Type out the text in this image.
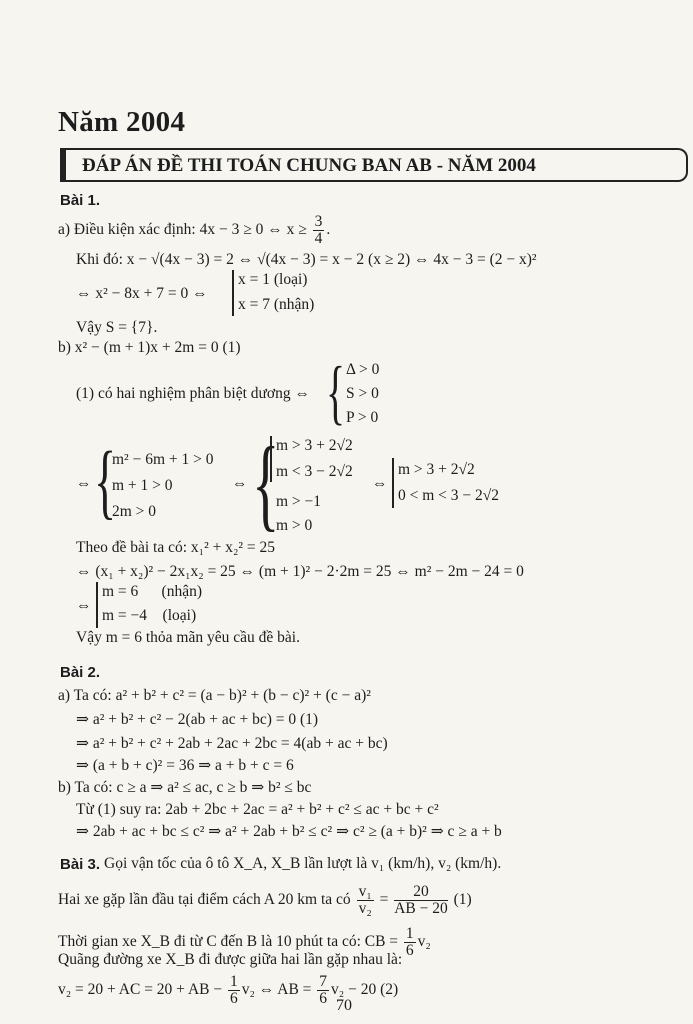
Năm 2004
ĐÁP ÁN ĐỀ THI TOÁN CHUNG BAN AB - NĂM 2004
Bài 1.
a) Điều kiện xác định: 4x − 3 ≥ 0 ⇔ $x \ge \frac{3}{4}$ .
Khi đó: x − √(4x − 3) = 2 ⇔ √(4x − 3) = x − 2 (x ≥ 2) ⇔ 4x − 3 = (2 − x)²
⇔ x² − 8x + 7 = 0 ⇔
x = 1 (loại)
x = 7 (nhận)
Vậy S = {7}.
b) x² − (m + 1)x + 2m = 0 (1)
(1) có hai nghiệm phân biệt dương ⇔ { Δ > 0
S > 0
P > 0
⇔ {
m² − 6m + 1 > 0
m + 1 > 0
2m > 0
⇔ {
m > 3 + 2√2
m < 3 − 2√2
m > −1
m > 0
⇔
m > 3 + 2√2
0 < m < 3 − 2√2
Theo đề bài ta có: x₁² + x₂² = 25
⇔ (x₁ + x₂)² − 2x₁x₂ = 25 ⇔ (m + 1)² − 2·2m = 25 ⇔ m² − 2m − 24 = 0
⇔
m = 6      (nhận)
m = −4    (loại)
Vậy m = 6 thỏa mãn yêu cầu đề bài.
Bài 2.
a) Ta có: a² + b² + c² = (a − b)² + (b − c)² + (c − a)²
⇒ a² + b² + c² − 2(ab + ac + bc) = 0 (1)
⇒ a² + b² + c² + 2ab + 2ac + 2bc = 4(ab + ac + bc)
⇒ (a + b + c)² = 36 ⇒ a + b + c = 6
b) Ta có: c ≥ a ⇒ a² ≤ ac, c ≥ b ⇒ b² ≤ bc
Từ (1) suy ra: 2ab + 2bc + 2ac = a² + b² + c² ≤ ac + bc + c²
⇒ 2ab + ac + bc ≤ c² ⇒ a² + 2ab + b² ≤ c² ⇒ c² ≥ (a + b)² ⇒ c ≥ a + b
Bài 3. Gọi vận tốc của ô tô X_A, X_B lần lượt là v₁ (km/h), v₂ (km/h).
Hai xe gặp lần đầu tại điểm cách A 20 km ta có $\frac{\text{v₁}}{\text{v₂}} = \frac{20}{AB - 20} (1)$
Thời gian xe X_B đi từ C đến B là 10 phút ta có: CB = $\frac{1}{6} v_2$
Quãng đường xe X_B đi được giữa hai lần gặp nhau là:
v₂ = 20 + AC = 20 + AB − $\frac{1}{6} v_2$ ⇔ AB = $\frac{7}{6} v_2 - 20$ (2)
70
